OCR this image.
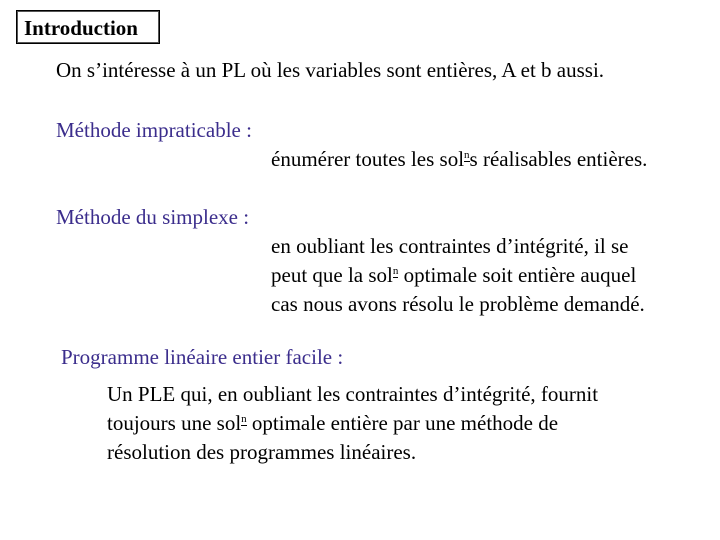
Introduction
On s’intéresse à un PL où les variables sont entières, A et b aussi.
Méthode impraticable :
énumérer toutes les sol$^n$s réalisables entières.
Méthode du simplexe :
en oubliant les contraintes d’intégrité, il se
peut que la sol$^n$ optimale soit entière auquel
cas nous avons résolu le problème demandé.
Programme linéaire entier facile :
Un PLE qui, en oubliant les contraintes d’intégrité, fournit
toujours une sol$^n$ optimale entière par une méthode de
résolution des programmes linéaires.
